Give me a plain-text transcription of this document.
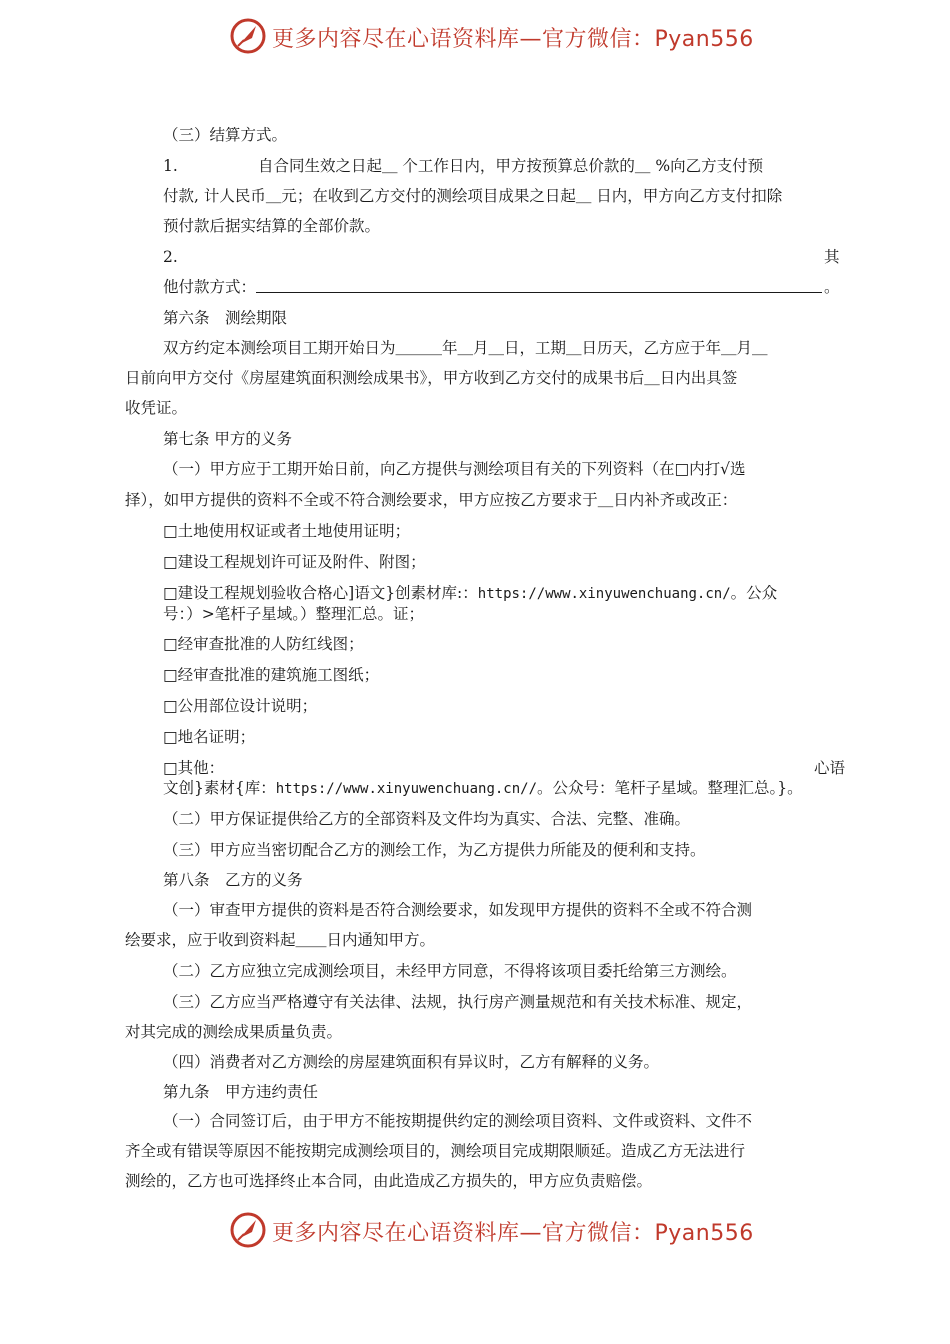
更多内容尽在心语资料库—官方微信：Pyan556
（三）结算方式。
1.	自合同生效之日起＿ 个工作日内，甲方按预算总价款的＿ %向乙方支付预
付款, 计人民币＿元；在收到乙方交付的测绘项目成果之日起＿ 日内，甲方向乙方支付扣除
预付款后据实结算的全部价款。
2.	其
他付款方式：	。
第六条　测绘期限
双方约定本测绘项目工期开始日为＿＿＿年＿月＿日，工期＿日历天，乙方应于年＿月＿
日前向甲方交付《房屋建筑面积测绘成果书》，甲方收到乙方交付的成果书后＿日内出具签
收凭证。
第七条 甲方的义务
（一）甲方应于工期开始日前，向乙方提供与测绘项目有关的下列资料（在□内打√选
择），如甲方提供的资料不全或不符合测绘要求，甲方应按乙方要求于＿日内补齐或改正：
□土地使用权证或者土地使用证明；
□建设工程规划许可证及附件、附图；
□建设工程规划验收合格心]语文}创素材库:：https://www.xinyuwenchuang.cn/。公众
号：）>笔杆子星域。）整理汇总。证；
□经审查批准的人防红线图；
□经审查批准的建筑施工图纸；
□公用部位设计说明；
□地名证明；
□其他：	心语
文创}素材{库：https://www.xinyuwenchuang.cn//。公众号：笔杆子星域。整理汇总。}。
（二）甲方保证提供给乙方的全部资料及文件均为真实、合法、完整、准确。
（三）甲方应当密切配合乙方的测绘工作，为乙方提供力所能及的便利和支持。
第八条　乙方的义务
（一）审查甲方提供的资料是否符合测绘要求，如发现甲方提供的资料不全或不符合测
绘要求，应于收到资料起＿＿日内通知甲方。
（二）乙方应独立完成测绘项目，未经甲方同意，不得将该项目委托给第三方测绘。
（三）乙方应当严格遵守有关法律、法规，执行房产测量规范和有关技术标准、规定，
对其完成的测绘成果质量负责。
（四）消费者对乙方测绘的房屋建筑面积有异议时，乙方有解释的义务。
第九条　甲方违约责任
（一）合同签订后，由于甲方不能按期提供约定的测绘项目资料、文件或资料、文件不
齐全或有错误等原因不能按期完成测绘项目的，测绘项目完成期限顺延。造成乙方无法进行
测绘的，乙方也可选择终止本合同，由此造成乙方损失的，甲方应负责赔偿。
更多内容尽在心语资料库—官方微信：Pyan556
